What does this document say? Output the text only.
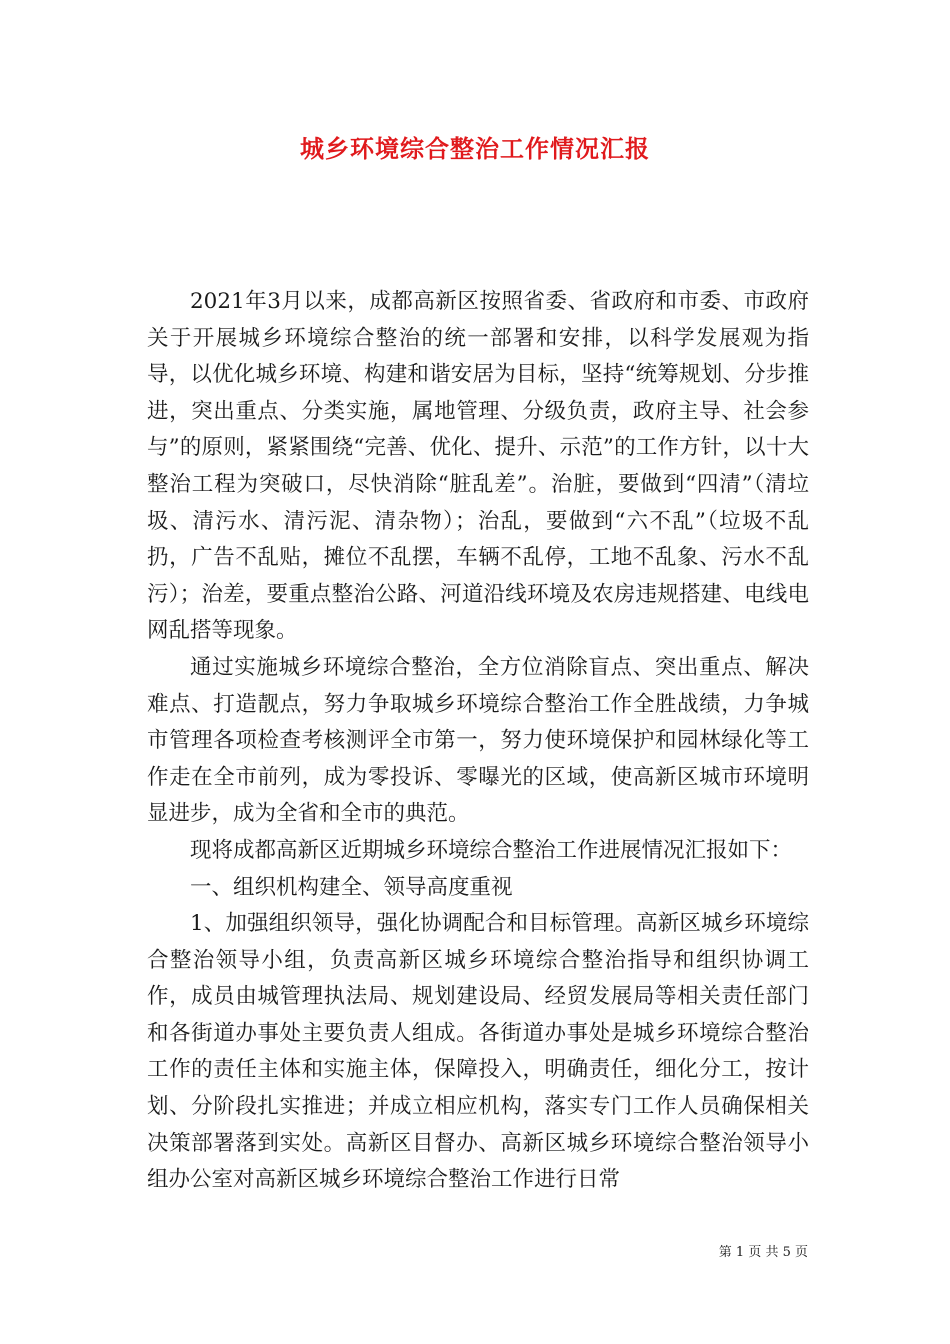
城乡环境综合整治工作情况汇报

2021年3月以来，成都高新区按照省委、省政府和市委、市政府关于开展城乡环境综合整治的统一部署和安排，以科学发展观为指导，以优化城乡环境、构建和谐安居为目标，坚持“统筹规划、分步推进，突出重点、分类实施，属地管理、分级负责，政府主导、社会参与”的原则，紧紧围绕“完善、优化、提升、示范”的工作方针，以十大整治工程为突破口，尽快消除“脏乱差”。治脏，要做到“四清”（清垃圾、清污水、清污泥、清杂物）；治乱，要做到“六不乱”（垃圾不乱扔，广告不乱贴，摊位不乱摆，车辆不乱停，工地不乱象、污水不乱污）；治差，要重点整治公路、河道沿线环境及农房违规搭建、电线电网乱搭等现象。

通过实施城乡环境综合整治，全方位消除盲点、突出重点、解决难点、打造靓点，努力争取城乡环境综合整治工作全胜战绩，力争城市管理各项检查考核测评全市第一，努力使环境保护和园林绿化等工作走在全市前列，成为零投诉、零曝光的区域，使高新区城市环境明显进步，成为全省和全市的典范。

现将成都高新区近期城乡环境综合整治工作进展情况汇报如下：

一、组织机构建全、领导高度重视

1、加强组织领导，强化协调配合和目标管理。高新区城乡环境综合整治领导小组，负责高新区城乡环境综合整治指导和组织协调工作，成员由城管理执法局、规划建设局、经贸发展局等相关责任部门和各街道办事处主要负责人组成。各街道办事处是城乡环境综合整治工作的责任主体和实施主体，保障投入，明确责任，细化分工，按计划、分阶段扎实推进；并成立相应机构，落实专门工作人员确保相关决策部署落到实处。高新区目督办、高新区城乡环境综合整治领导小组办公室对高新区城乡环境综合整治工作进行日常

第 1 页 共 5 页
